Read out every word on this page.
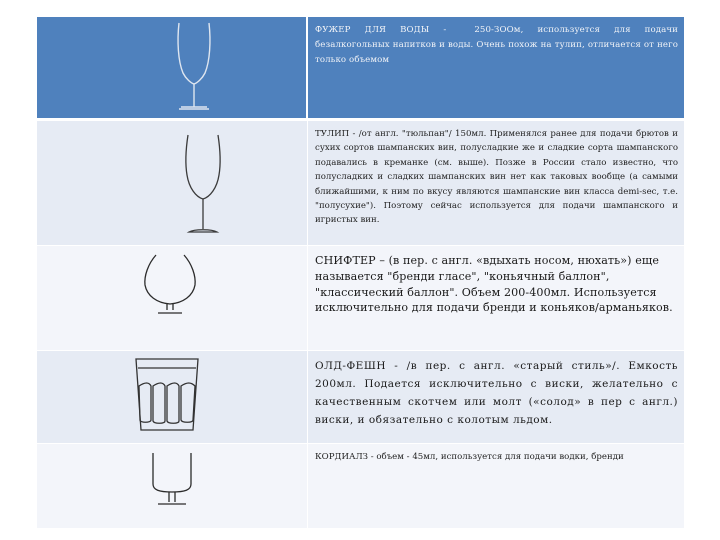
ФУЖЕР ДЛЯ ВОДЫ -	250-ЗООм, используется для подачи безалкогольных напитков и воды. Очень похож на тулип, отличается от него только объемом
ТУЛИП - /от англ. "тюльпан"/ 150мл. Применялся ранее для подачи брютов и сухих сортов шампанских вин, полусладкие же и сладкие сорта шампанского подавались в креманке (см. выше). Позже в России стало известно, что полусладких и сладких шампанских вин нет как таковых вообще (а самыми ближайшими, к ним по вкусу являются шампанские вин класса demi-sec, т.е. "полусухие"). Поэтому сейчас используется для подачи шампанского и игристых вин.
СНИФТЕР – (в пер. с англ. «вдыхать носом, нюхать») еще называется "бренди гласе", "коньячный баллон", "классический баллон". Объем 200-400мл. Используется исключительно для подачи бренди и коньяков/арманьяков.
ОЛД-ФЕШН - /в пер. с англ. «старый стиль»/. Емкость 200мл. Подается исключительно с виски, желательно с качественным скотчем или молт («солод» в пер с англ.) виски, и обязательно с колотым льдом.
КОРДИАЛЗ - объем - 45мл, используется для подачи водки, бренди
